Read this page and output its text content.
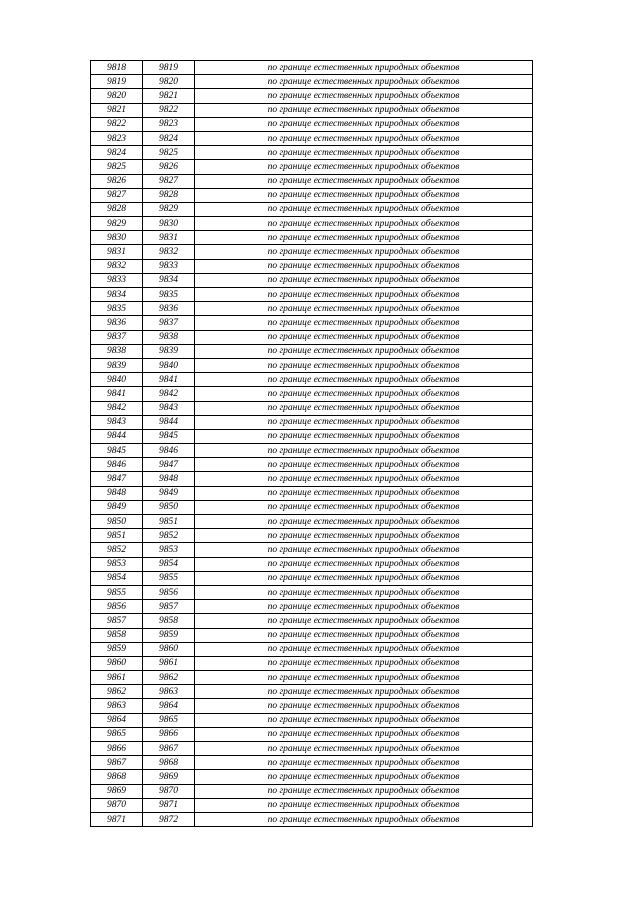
9818	9819	по границе естественных природных объектов
9819	9820	по границе естественных природных объектов
9820	9821	по границе естественных природных объектов
9821	9822	по границе естественных природных объектов
9822	9823	по границе естественных природных объектов
9823	9824	по границе естественных природных объектов
9824	9825	по границе естественных природных объектов
9825	9826	по границе естественных природных объектов
9826	9827	по границе естественных природных объектов
9827	9828	по границе естественных природных объектов
9828	9829	по границе естественных природных объектов
9829	9830	по границе естественных природных объектов
9830	9831	по границе естественных природных объектов
9831	9832	по границе естественных природных объектов
9832	9833	по границе естественных природных объектов
9833	9834	по границе естественных природных объектов
9834	9835	по границе естественных природных объектов
9835	9836	по границе естественных природных объектов
9836	9837	по границе естественных природных объектов
9837	9838	по границе естественных природных объектов
9838	9839	по границе естественных природных объектов
9839	9840	по границе естественных природных объектов
9840	9841	по границе естественных природных объектов
9841	9842	по границе естественных природных объектов
9842	9843	по границе естественных природных объектов
9843	9844	по границе естественных природных объектов
9844	9845	по границе естественных природных объектов
9845	9846	по границе естественных природных объектов
9846	9847	по границе естественных природных объектов
9847	9848	по границе естественных природных объектов
9848	9849	по границе естественных природных объектов
9849	9850	по границе естественных природных объектов
9850	9851	по границе естественных природных объектов
9851	9852	по границе естественных природных объектов
9852	9853	по границе естественных природных объектов
9853	9854	по границе естественных природных объектов
9854	9855	по границе естественных природных объектов
9855	9856	по границе естественных природных объектов
9856	9857	по границе естественных природных объектов
9857	9858	по границе естественных природных объектов
9858	9859	по границе естественных природных объектов
9859	9860	по границе естественных природных объектов
9860	9861	по границе естественных природных объектов
9861	9862	по границе естественных природных объектов
9862	9863	по границе естественных природных объектов
9863	9864	по границе естественных природных объектов
9864	9865	по границе естественных природных объектов
9865	9866	по границе естественных природных объектов
9866	9867	по границе естественных природных объектов
9867	9868	по границе естественных природных объектов
9868	9869	по границе естественных природных объектов
9869	9870	по границе естественных природных объектов
9870	9871	по границе естественных природных объектов
9871	9872	по границе естественных природных объектов
